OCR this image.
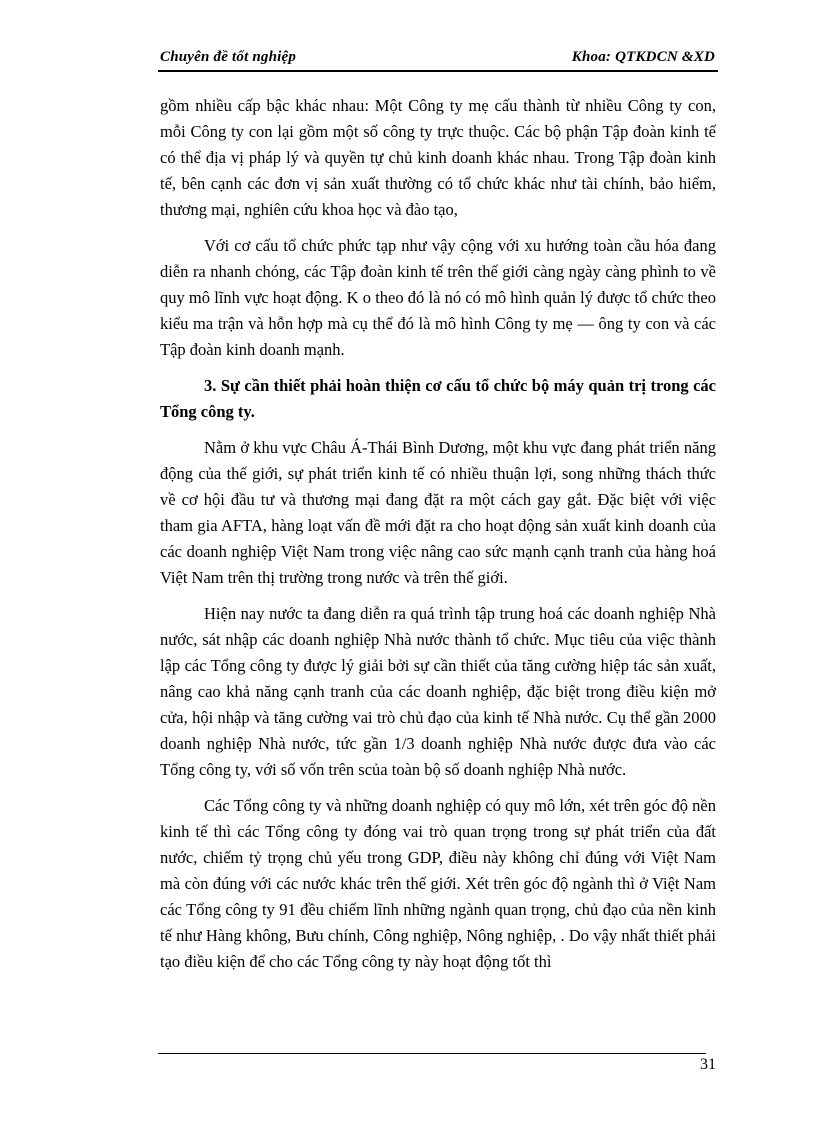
Chuyên đề tốt nghiệp	Khoa: QTKDCN &XD

gồm nhiều cấp bậc khác nhau: Một Công ty mẹ cấu thành từ nhiều Công ty con, mỗi Công ty con lại gồm một số công ty trực thuộc. Các bộ phận Tập đoàn kinh tế có thể địa vị pháp lý và quyền tự chủ kinh doanh khác nhau. Trong Tập đoàn kinh tế, bên cạnh các đơn vị sản xuất thường có tổ chức khác như tài chính, bảo hiểm, thương mại, nghiên cứu khoa học và đào tạo,

Với cơ cấu tổ chức phức tạp như vậy cộng với xu hướng toàn cầu hóa đang diễn ra nhanh chóng, các Tập đoàn kinh tế trên thế giới càng ngày càng phình to về quy mô lĩnh vực hoạt động. K o theo đó là nó có mô hình quản lý được tổ chức theo kiểu ma trận và hỗn hợp mà cụ thể đó là mô hình Công ty mẹ — ông ty con và các Tập đoàn kinh doanh mạnh.

3. Sự cần thiết phải hoàn thiện cơ cấu tổ chức bộ máy quản trị trong các Tổng công ty.

Nằm ở khu vực Châu Á-Thái Bình Dương, một khu vực đang phát triển năng động của thế giới, sự phát triển kinh tế có nhiều thuận lợi, song những thách thức về cơ hội đầu tư và thương mại đang đặt ra một cách gay gắt. Đặc biệt với việc tham gia AFTA, hàng loạt vấn đề mới đặt ra cho hoạt động sản xuất kinh doanh của các doanh nghiệp Việt Nam trong việc nâng cao sức mạnh cạnh tranh của hàng hoá Việt Nam trên thị trường trong nước và trên thế giới.

Hiện nay nước ta đang diễn ra quá trình tập trung hoá các doanh nghiệp Nhà nước, sát nhập các doanh nghiệp Nhà nước thành tổ chức. Mục tiêu của việc thành lập các Tổng công ty được lý giải bởi sự cần thiết của tăng cường hiệp tác sản xuất, nâng cao khả năng cạnh tranh của các doanh nghiệp, đặc biệt trong điều kiện mở cửa, hội nhập và tăng cường vai trò chủ đạo của kinh tế Nhà nước. Cụ thể gần 2000 doanh nghiệp Nhà nước, tức gần 1/3 doanh nghiệp Nhà nước được đưa vào các Tổng công ty, với số vốn trên scủa toàn bộ số doanh nghiệp Nhà nước.

Các Tổng công ty và những doanh nghiệp có quy mô lớn, xét trên góc độ nền kinh tế thì các Tổng công ty đóng vai trò quan trọng trong sự phát triển của đất nước, chiếm tỷ trọng chủ yếu trong GDP, điều này không chỉ đúng với Việt Nam mà còn đúng với các nước khác trên thế giới. Xét trên góc độ ngành thì ở Việt Nam các Tổng công ty 91 đều chiếm lĩnh những ngành quan trọng, chủ đạo của nền kinh tế như Hàng không, Bưu chính, Công nghiệp, Nông nghiệp, . Do vậy nhất thiết phải tạo điều kiện để cho các Tổng công ty này hoạt động tốt thì

31
